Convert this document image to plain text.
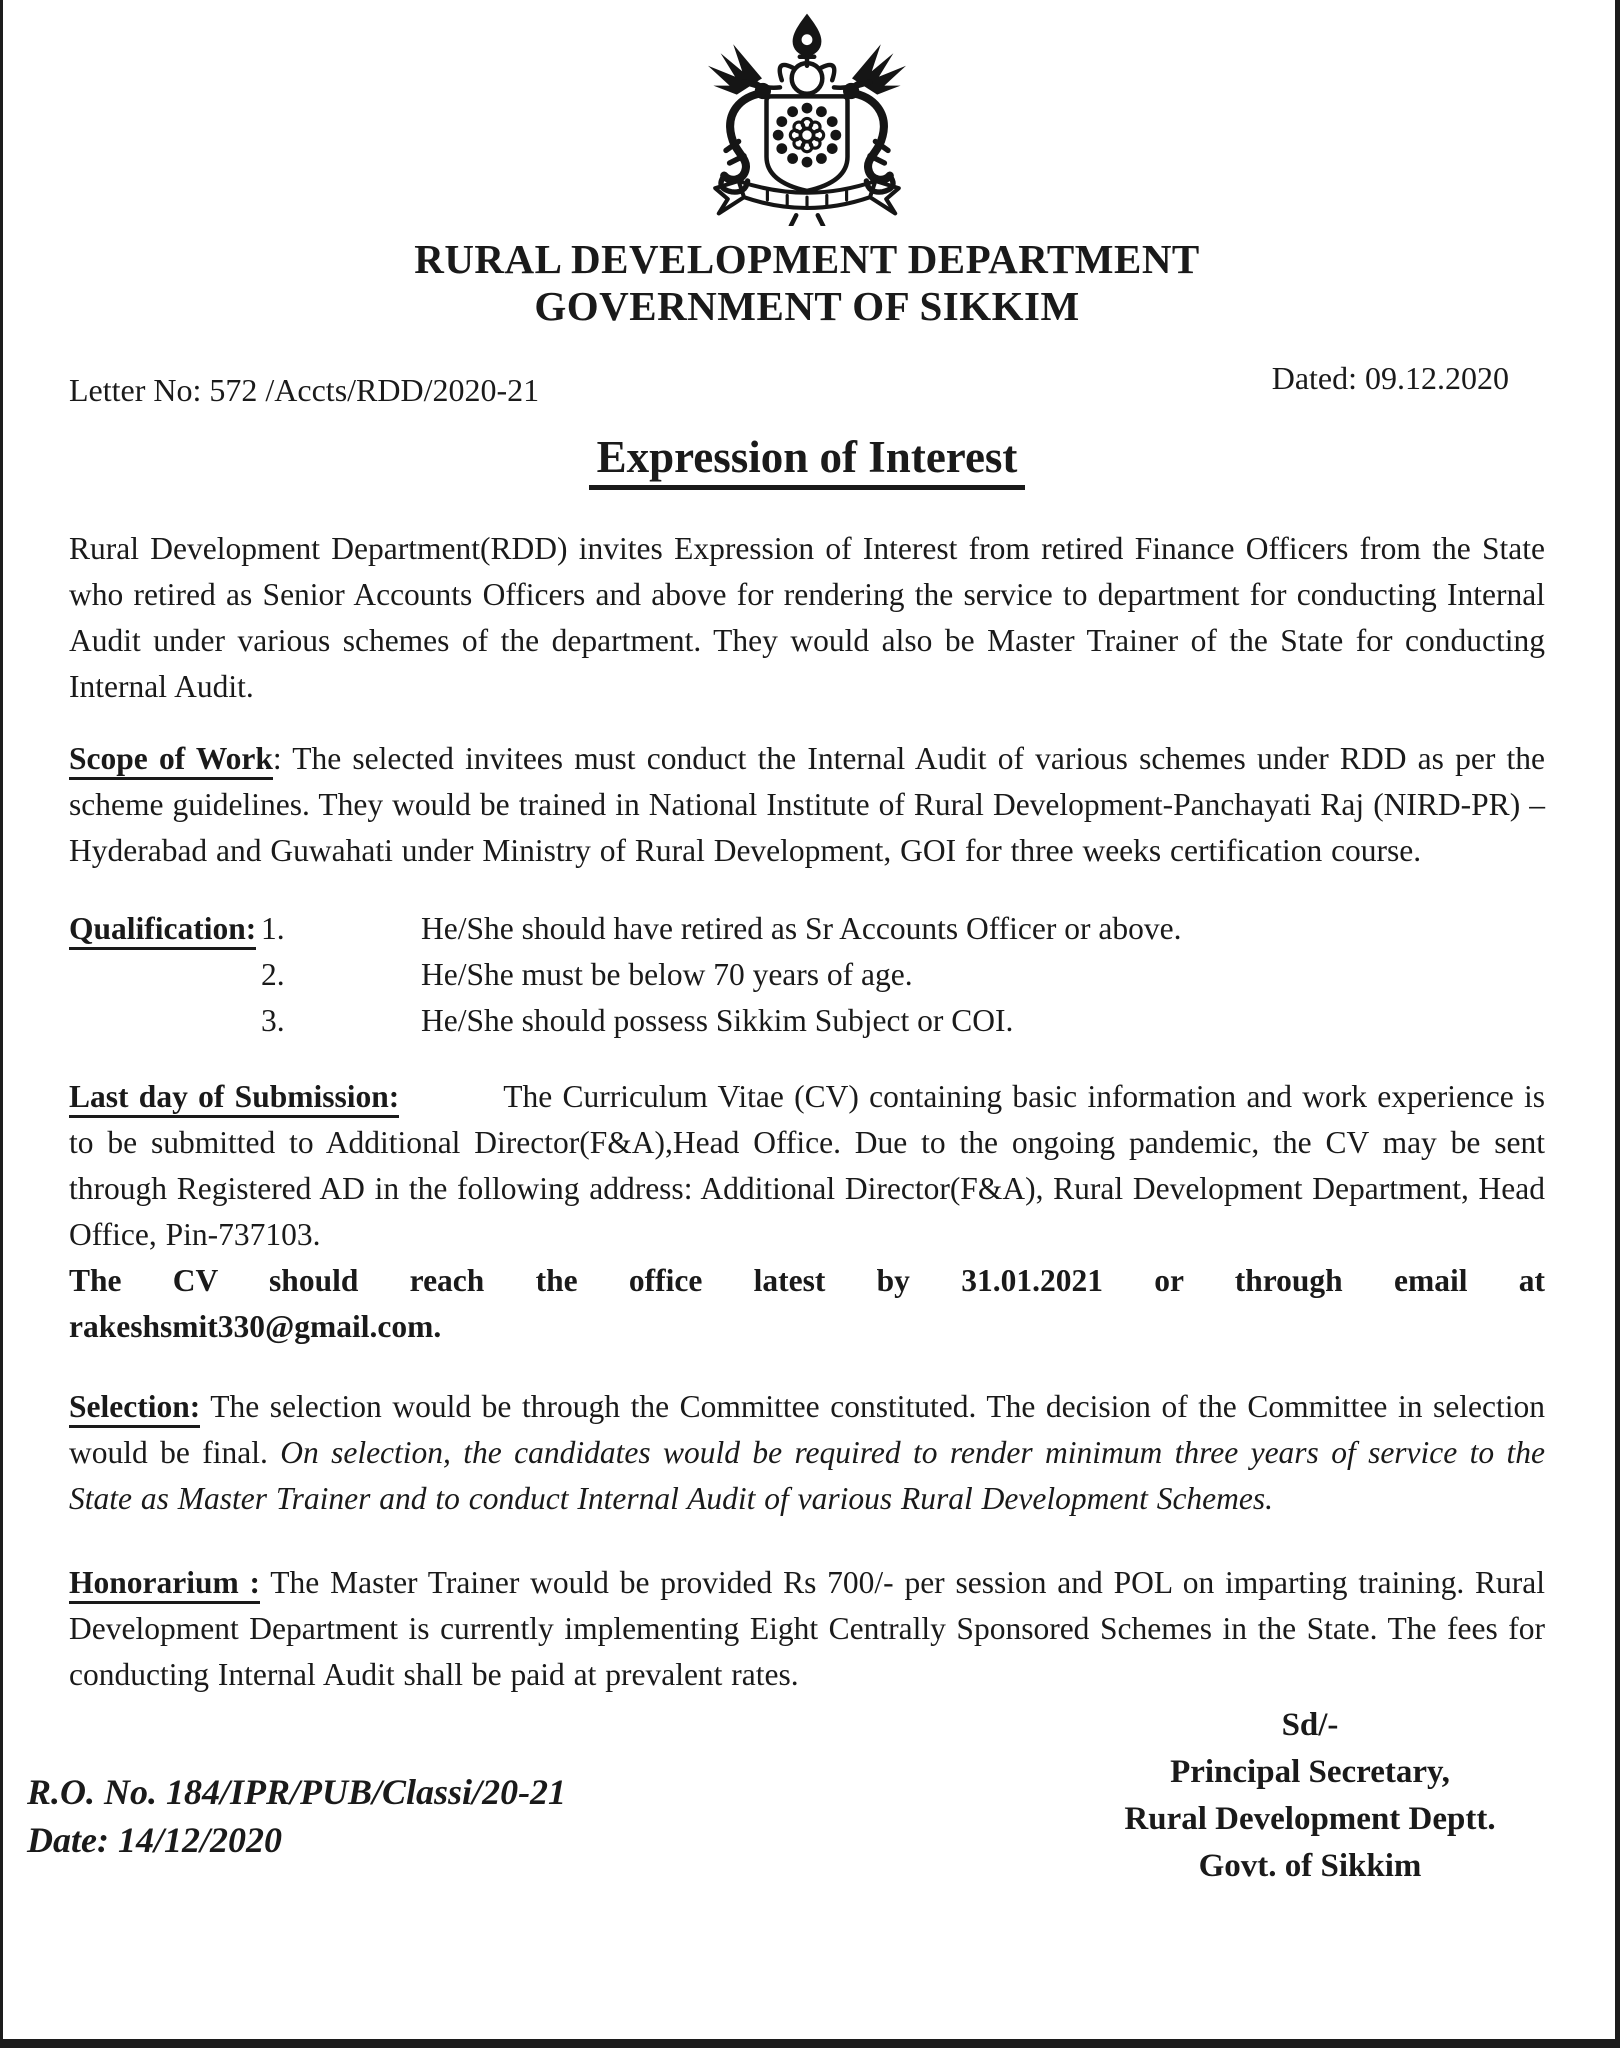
RURAL DEVELOPMENT DEPARTMENT
GOVERNMENT OF SIKKIM
Letter No: 572 /Accts/RDD/2020-21	Dated: 09.12.2020
Expression of Interest

Rural Development Department(RDD) invites Expression of Interest from retired Finance Officers from the State who retired as Senior Accounts Officers and above for rendering the service to department for conducting Internal Audit under various schemes of the department. They would also be Master Trainer of the State for conducting Internal Audit.

Scope of Work: The selected invitees must conduct the Internal Audit of various schemes under RDD as per the scheme guidelines. They would be trained in National Institute of Rural Development-Panchayati Raj (NIRD-PR) –Hyderabad and Guwahati under Ministry of Rural Development, GOI for three weeks certification course.

Qualification: 1.	He/She should have retired as Sr Accounts Officer or above.
2.	He/She must be below 70 years of age.
3.	He/She should possess Sikkim Subject or COI.

Last day of Submission:	The Curriculum Vitae (CV) containing basic information and work experience is to be submitted to Additional Director(F&A),Head Office. Due to the ongoing pandemic, the CV may be sent through Registered AD in the following address: Additional Director(F&A), Rural Development Department, Head Office, Pin-737103.

The CV should reach the office latest by 31.01.2021 or through email at
rakeshsmit330@gmail.com.

Selection: The selection would be through the Committee constituted. The decision of the Committee in selection would be final. On selection, the candidates would be required to render minimum three years of service to the State as Master Trainer and to conduct Internal Audit of various Rural Development Schemes.

Honorarium : The Master Trainer would be provided Rs 700/- per session and POL on imparting training. Rural Development Department is currently implementing Eight Centrally Sponsored Schemes in the State. The fees for conducting Internal Audit shall be paid at prevalent rates.

R.O. No. 184/IPR/PUB/Classi/20-21
Date: 14/12/2020
Sd/-
Principal Secretary,
Rural Development Deptt.
Govt. of Sikkim
